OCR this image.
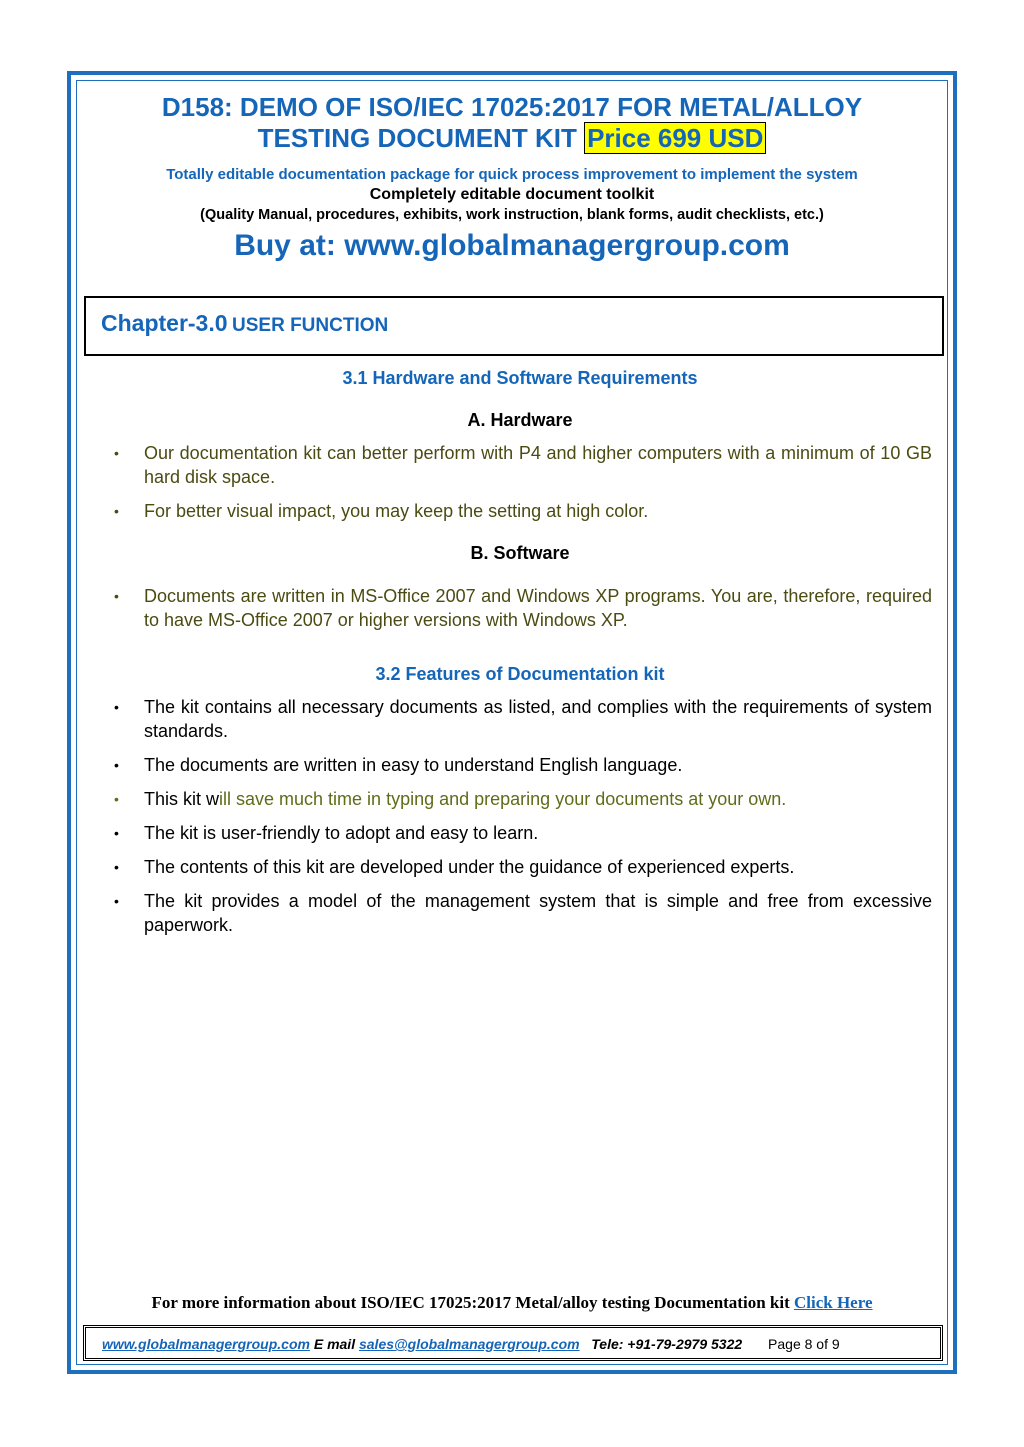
D158: DEMO OF ISO/IEC 17025:2017 FOR METAL/ALLOY
TESTING DOCUMENT KIT Price 699 USD
Totally editable documentation package for quick process improvement to implement the system
Completely editable document toolkit
(Quality Manual, procedures, exhibits, work instruction, blank forms, audit checklists, etc.)
Buy at: www.globalmanagergroup.com
Chapter-3.0 USER FUNCTION

3.1 Hardware and Software Requirements

A. Hardware

• Our documentation kit can better perform with P4 and higher computers with a minimum of 10 GB hard disk space.
• For better visual impact, you may keep the setting at high color.

B. Software

• Documents are written in MS-Office 2007 and Windows XP programs. You are, therefore, required to have MS-Office 2007 or higher versions with Windows XP.

3.2 Features of Documentation kit

• The kit contains all necessary documents as listed, and complies with the requirements of system standards.
• The documents are written in easy to understand English language.
• This kit will save much time in typing and preparing your documents at your own.
• The kit is user-friendly to adopt and easy to learn.
• The contents of this kit are developed under the guidance of experienced experts.
• The kit provides a model of the management system that is simple and free from excessive paperwork.
For more information about ISO/IEC 17025:2017 Metal/alloy testing Documentation kit Click Here
www.globalmanagergroup.com E mail sales@globalmanagergroup.com Tele: +91-79-2979 5322 Page 8 of 9
